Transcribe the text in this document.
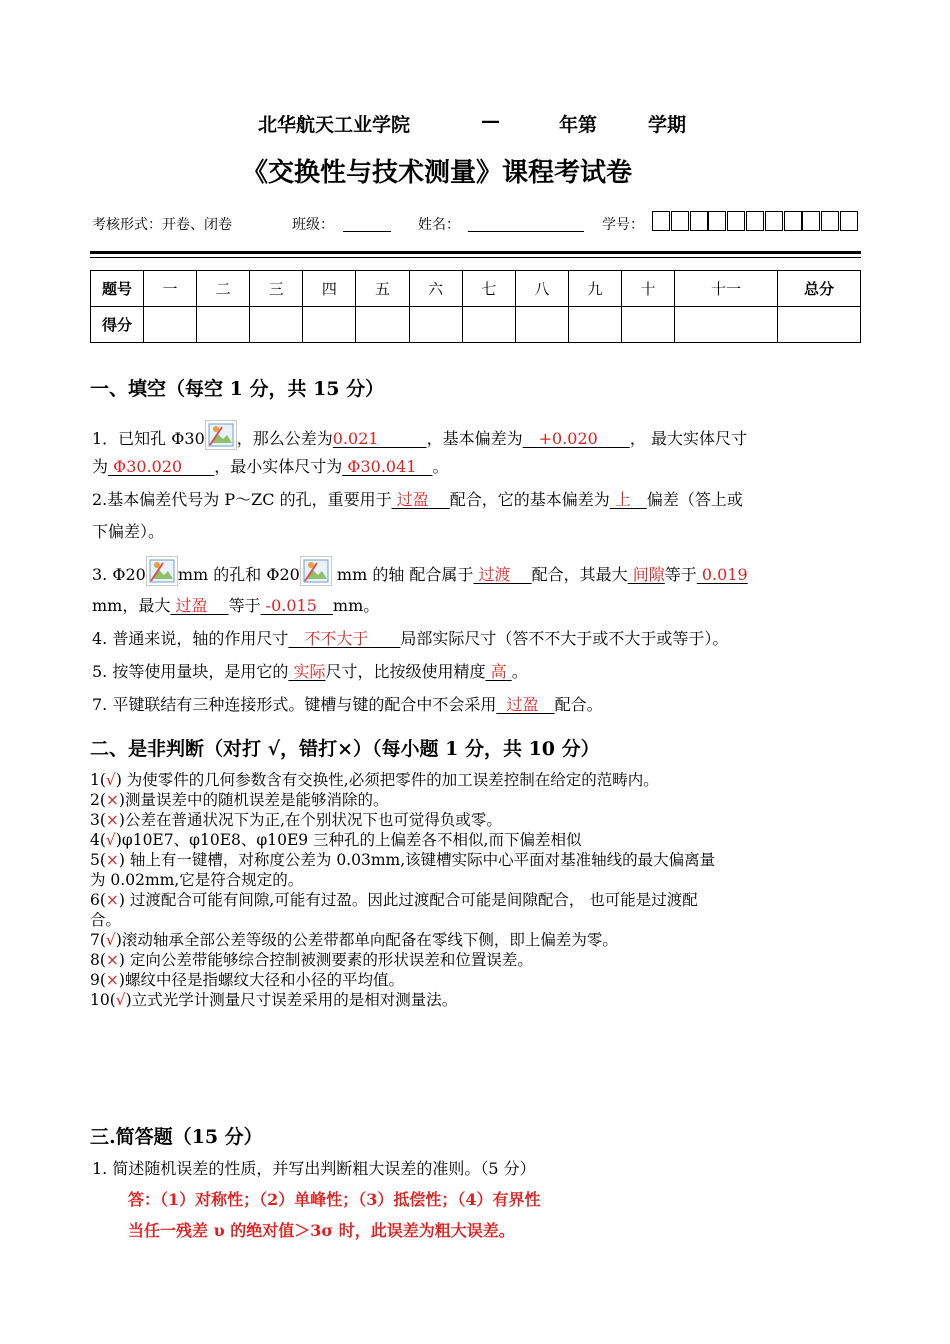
北华航天工业学院	—	年第	学期
《交换性与技术测量》课程考试卷
考核形式：开卷、闭卷	班级：	姓名：	学号：
题号	一	二	三	四	五	六	七	八	九	十	十一	总分
得分												
一、填空（每空 1 分，共 15 分）
1．已知孔 Φ30 ，那么公差为0.021　　　	，基本偏差为　 +0.020　　 ， 最大实体尺寸
为 Φ30.020　　 ，最小实体尺寸为 Φ30.041　 。
2.基本偏差代号为 P～ZC 的孔，重要用于 过盈　 配合，它的基本偏差为 上　 偏差（答上或
下偏差）。
3. Φ20 mm 的孔和 Φ20
mm 的轴 配合属于 过渡　 配合，其最大 间隙等于 0.019
mm，最大 过盈　 等于 -0.015　 mm。
4. 普通来说，轴的作用尺寸　 不不大于　　 局部实际尺寸（答不不大于或不大于或等于）。
5. 按等使用量块，是用它的 实际尺寸，比按级使用精度 高 。
7. 平键联结有三种连接形式。键槽与键的配合中不会采用 过盈　 配合。
二、是非判断（对打 √，错打×）（每小题 1 分，共 10 分）
1(√) 为使零件的几何参数含有交换性,必须把零件的加工误差控制在给定的范畴内。
2(×)测量误差中的随机误差是能够消除的。
3(×)公差在普通状况下为正,在个别状况下也可觉得负或零。
4(√)φ10E7、φ10E8、φ10E9 三种孔的上偏差各不相似,而下偏差相似
5(×) 轴上有一键槽，对称度公差为 0.03mm,该键槽实际中心平面对基准轴线的最大偏离量
为 0.02mm,它是符合规定的。
6(×) 过渡配合可能有间隙,可能有过盈。因此过渡配合可能是间隙配合， 也可能是过渡配
合。
7(√)滚动轴承全部公差等级的公差带都单向配备在零线下侧，即上偏差为零。
8(×) 定向公差带能够综合控制被测要素的形状误差和位置误差。
9(×)螺纹中径是指螺纹大径和小径的平均值。
10(√)立式光学计测量尺寸误差采用的是相对测量法。
三.简答题（15 分）
1. 简述随机误差的性质，并写出判断粗大误差的准则。（5 分）
答：（1）对称性；（2）单峰性；（3）抵偿性；（4）有界性
当任一残差 υ 的绝对值＞3σ 时，此误差为粗大误差。
